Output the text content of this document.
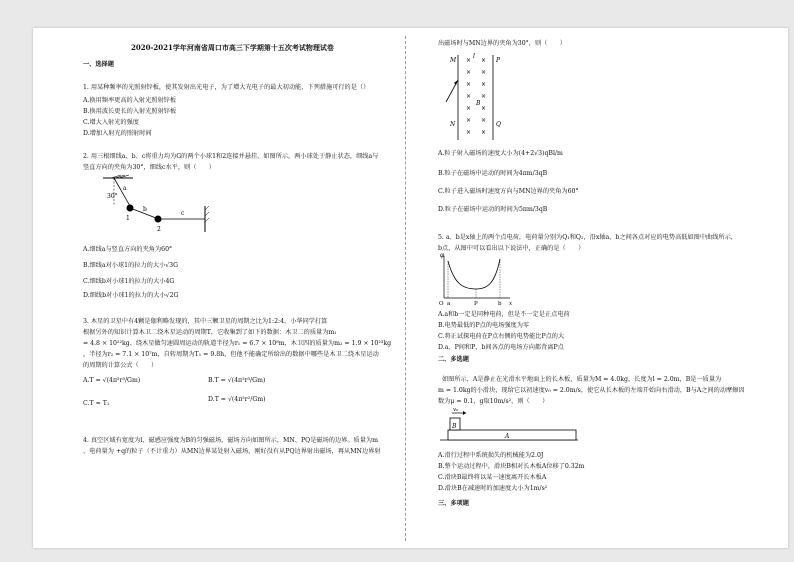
2020-2021学年河南省周口市高三下学期第十五次考试物理试卷
一、选择题
1. 用某种频率的光照射锌板，使其发射出光电子，为了增大光电子的最大初动能，下列措施可行的是（）
A.换用频率更高的入射光照射锌板
B.换用波长更长的入射光照射锌板
C.增大入射光的强度
D.增加入射光的照射时间
2. 用三根细线a、b、c将重力均为G的两个小球1和2连接并悬挂，如图所示，两小球处于静止状态，细线a与
竖直方向的夹角为30°，细线c水平，则（　　）
a
30°
1
b
2
c
A.细线a与竖直方向的夹角为60°
B.细线a对小球1的拉力的大小√3G
C.细线b对小球1的拉力的大小4G
D.细线b对小球1的拉力的大小√2G
3. 木星的卫星中有4颗是伽利略发现的，其中三颗卫星的周期之比为1:2:4，小华同学打算
根据另外的知识计算木卫二绕木星运动的周期T，它收集到了如下的数据：木卫二的质量为m₁
= 4.8 × 10²²kg、绕木星做匀速圆周运动的轨道半径为r₁ = 6.7 × 10⁸m，木卫四的质量为m₂ = 1.9 × 10²³kg
，半径为r₂ = 7.1 × 10⁷m，自转周期为T₁ = 9.8h，但他不能确定所给出的数据中哪些是木卫二绕木星运动
的周期的计算公式（　　）
A.T = √(4π²r³/Gm)	B.T = √(4π²r³/Gm)
C.T = T₁
D.T = √(4π²r²/Gm)
4. 真空区域有宽度为l、磁感应强度为B的匀强磁场，磁场方向如图所示，MN、PQ是磁场的边界。质量为m
、电荷量为 +q的粒子（不计重力）从MN边界某处射入磁场，刚好没有从PQ边界射出磁场，再从MN边界射
出磁场时与MN边界的夹角为30°，则（　　）
M
N
P
Q
l
B
× ×
× ×
× ×
× ×
× ×
× ×
× ×
A.粒子射入磁场的速度大小为(4+2√3)qBl/m
B.粒子在磁场中运动的时间为4πm/3qB
C.粒子进入磁场时速度方向与MN边界的夹角为60°
D.粒子在磁场中运动的时间为5πm/3qB
5. a、b是x轴上的两个点电荷，电荷量分别为Q₁和Q₂，沿x轴a、b之间各点对应的电势高低如图中曲线所示，
b点，从图中可以看出以下说法中，正确的是（　　）
φ
O a	P	b x
A.a和b一定是同种电荷，但是不一定是正点电荷
B.电势最低的P点的电场强度为零
C.将正试探电荷在P点右侧的电势能比P点的大
D.a、P间和P、b间各点的电场方向都背离P点
二、多选题
如图所示，A是静止在光滑水平地面上的长木板，质量为M = 4.0kg，长度为l = 2.0m，B是一质量为
m = 1.0kg的小滑块，现给它以初速度v₀ = 2.0m/s，使它从长木板的左端开始向右滑动，B与A之间的动摩擦因
数为μ = 0.1，g取10m/s²，则（　　）
v₀
B
A
A.滑行过程中系统损失的机械能为2.0J
B.整个运动过程中，滑块B相对长木板A位移了0.32m
C.滑块B最终将以某一速度离开长木板A
D.滑块B在减速时的加速度大小为1m/s²
三、多项题
